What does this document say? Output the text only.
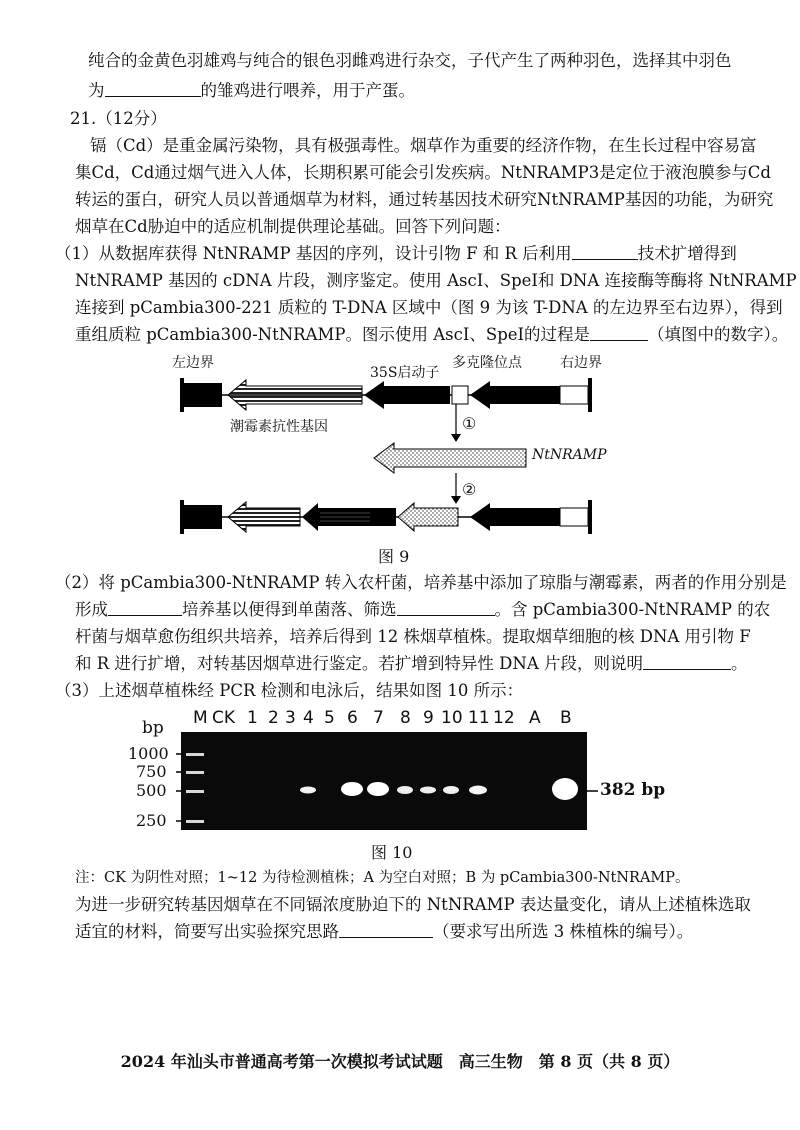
纯合的金黄色羽雄鸡与纯合的银色羽雌鸡进行杂交，子代产生了两种羽色，选择其中羽色
为	的雏鸡进行喂养，用于产蛋。
21.（12分）
镉（Cd）是重金属污染物，具有极强毒性。烟草作为重要的经济作物，在生长过程中容易富
集Cd，Cd通过烟气进入人体，长期积累可能会引发疾病。NtNRAMP3是定位于液泡膜参与Cd
转运的蛋白，研究人员以普通烟草为材料，通过转基因技术研究NtNRAMP基因的功能，为研究
烟草在Cd胁迫中的适应机制提供理论基础。回答下列问题：
（1）从数据库获得 NtNRAMP 基因的序列，设计引物 F 和 R 后利用	技术扩增得到
NtNRAMP 基因的 cDNA 片段，测序鉴定。使用 AscⅠ、SpeⅠ和 DNA 连接酶等酶将 NtNRAMP
连接到 pCambia300-221 质粒的 T-DNA 区域中（图 9 为该 T-DNA 的左边界至右边界），得到
重组质粒 pCambia300-NtNRAMP。图示使用 AscⅠ、SpeⅠ的过程是	（填图中的数字）。
左边界	右边界
35S启动子
多克隆位点
潮霉素抗性基因
NtNRAMP
①
②
图 9
（2）将 pCambia300-NtNRAMP 转入农杆菌，培养基中添加了琼脂与潮霉素，两者的作用分别是
形成	培养基以便得到单菌落、筛选	。含 pCambia300-NtNRAMP 的农
杆菌与烟草愈伤组织共培养，培养后得到 12 株烟草植株。提取烟草细胞的核 DNA 用引物 F
和 R 进行扩增，对转基因烟草进行鉴定。若扩增到特异性 DNA 片段，则说明	。
（3）上述烟草植株经 PCR 检测和电泳后，结果如图 10 所示：
bp
1000
750
500
250
M CK 1 2 3 4 5 6 7 8 9 10 11 12 A B
382 bp
图 10
注：CK 为阴性对照；1~12 为待检测植株；A 为空白对照；B 为 pCambia300-NtNRAMP。
为进一步研究转基因烟草在不同镉浓度胁迫下的 NtNRAMP 表达量变化，请从上述植株选取
适宜的材料，简要写出实验探究思路	（要求写出所选 3 株植株的编号）。
2024 年汕头市普通高考第一次模拟考试试题　高三生物　第 8 页（共 8 页）
